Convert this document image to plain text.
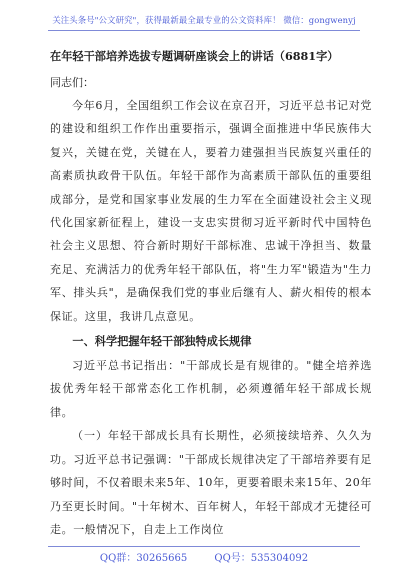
关注头条号"公文研究"，获得最新最全最专业的公文资料库！ 微信：gongwenyj
在年轻干部培养选拔专题调研座谈会上的讲话（6881字）
同志们：
今年6月，全国组织工作会议在京召开，习近平总书记对党的建设和组织工作作出重要指示，强调全面推进中华民族伟大复兴，关键在党，关键在人，要着力建强担当民族复兴重任的高素质执政骨干队伍。年轻干部作为高素质干部队伍的重要组成部分，是党和国家事业发展的生力军在全面建设社会主义现代化国家新征程上，建设一支忠实贯彻习近平新时代中国特色社会主义思想、符合新时期好干部标准、忠诚干净担当、数量充足、充满活力的优秀年轻干部队伍，将"生力军"锻造为"生力军、排头兵"，是确保我们党的事业后继有人、薪火相传的根本保证。这里，我讲几点意见。
一、科学把握年轻干部独特成长规律
习近平总书记指出："干部成长是有规律的。"健全培养选拔优秀年轻干部常态化工作机制，必须遵循年轻干部成长规律。
（一）年轻干部成长具有长期性，必须接续培养、久久为功。习近平总书记强调："干部成长规律决定了干部培养要有足够时间，不仅着眼未来5年、10年，更要着眼未来15年、20年乃至更长时间。"十年树木、百年树人，年轻干部成才无捷径可走。一般情况下，自走上工作岗位
QQ群：30265665	QQ号：535304092
